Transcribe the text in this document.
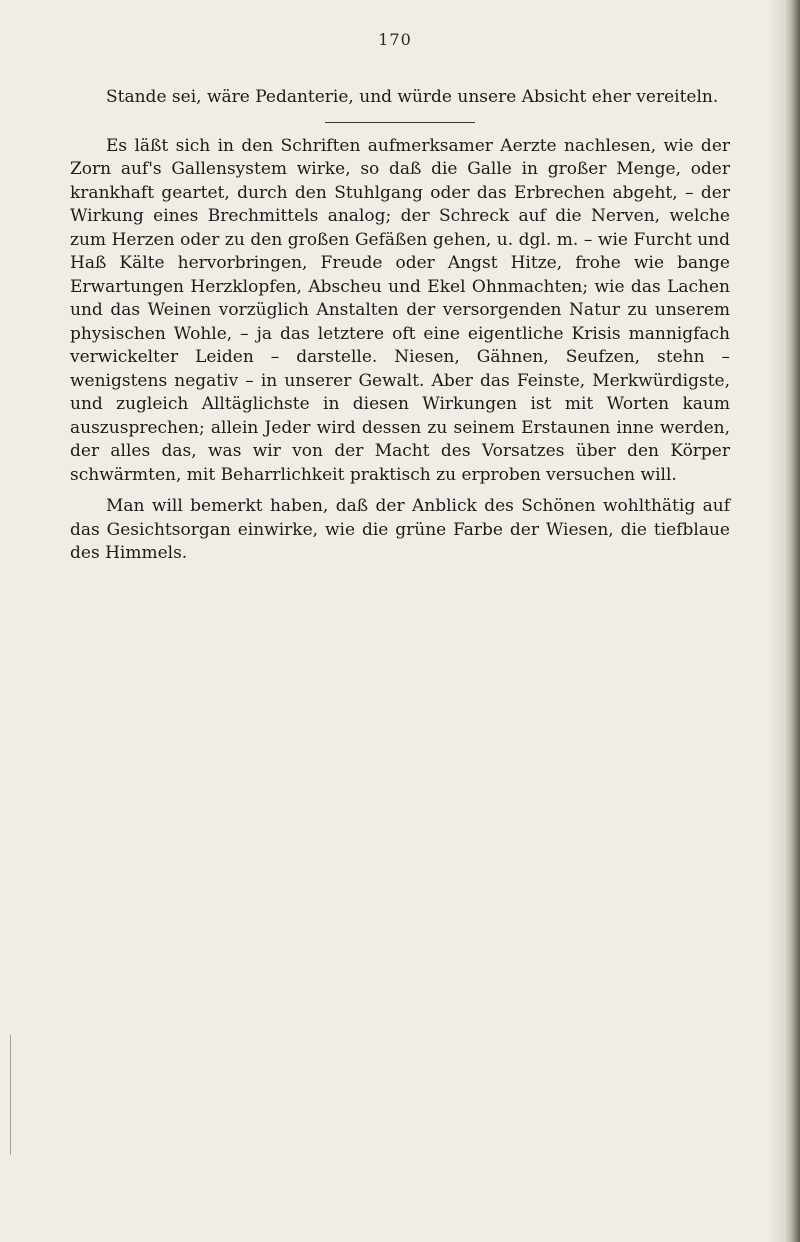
170

Stande sei, wäre Pedanterie, und würde unsere Absicht eher vereiteln.

Es läßt sich in den Schriften aufmerksamer Aerzte nachlesen, wie der Zorn auf's Gallensystem wirke, so daß die Galle in großer Menge, oder krankhaft geartet, durch den Stuhlgang oder das Erbrechen abgeht, – der Wirkung eines Brechmittels analog; der Schreck auf die Nerven, welche zum Herzen oder zu den großen Gefäßen gehen, u. dgl. m. – wie Furcht und Haß Kälte hervorbringen, Freude oder Angst Hitze, frohe wie bange Erwartungen Herzklopfen, Abscheu und Ekel Ohnmachten; wie das Lachen und das Weinen vorzüglich Anstalten der versorgenden Natur zu unserem physischen Wohle, – ja das letztere oft eine eigentliche Krisis mannigfach verwickelter Leiden – darstelle. Niesen, Gähnen, Seufzen, stehn – wenigstens negativ – in unserer Gewalt. Aber das Feinste, Merkwürdigste, und zugleich Alltäglichste in diesen Wirkungen ist mit Worten kaum auszusprechen; allein Jeder wird dessen zu seinem Erstaunen inne werden, der alles das, was wir von der Macht des Vorsatzes über den Körper schwärmten, mit Beharrlichkeit praktisch zu erproben versuchen will.

Man will bemerkt haben, daß der Anblick des Schönen wohlthätig auf das Gesichtsorgan einwirke, wie die grüne Farbe der Wiesen, die tiefblaue des Himmels.
